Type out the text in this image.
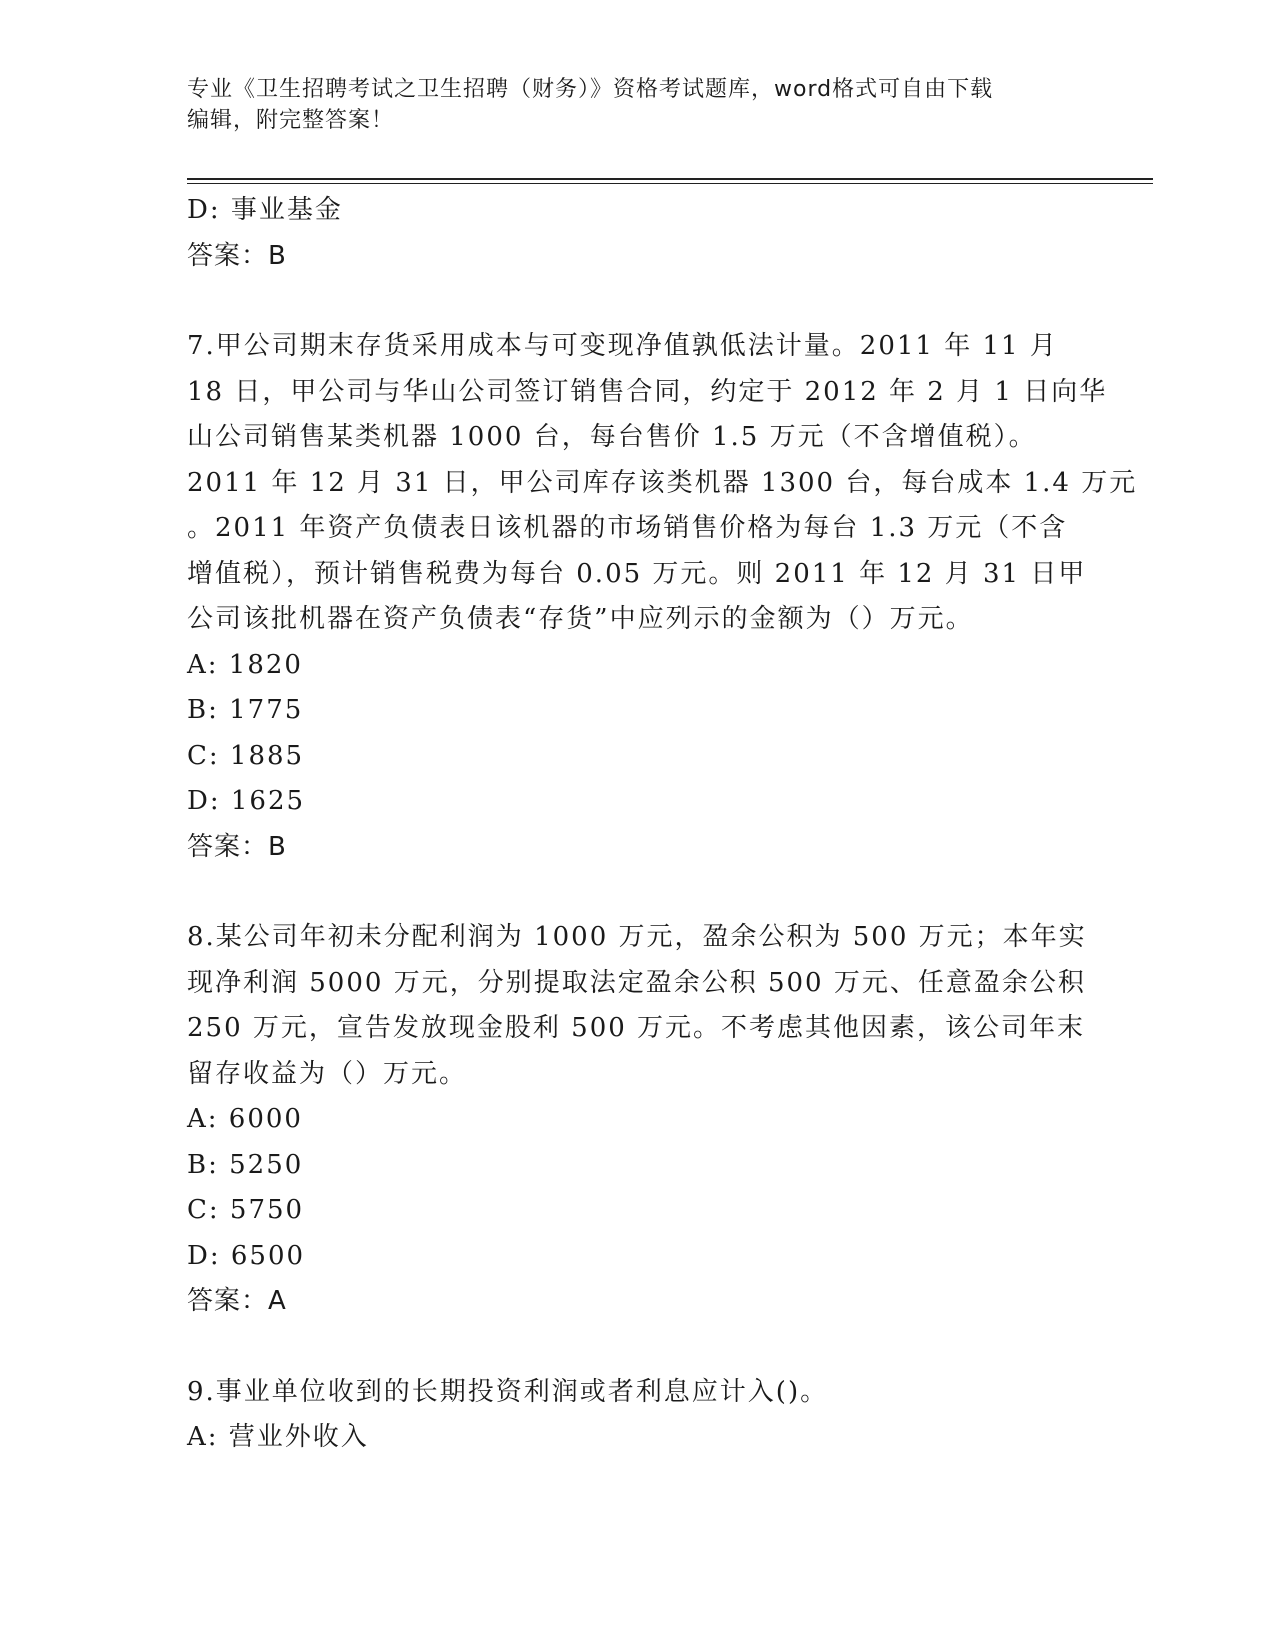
专业《卫生招聘考试之卫生招聘（财务）》资格考试题库，word格式可自由下载
编辑，附完整答案！
D: 事业基金
答案：B
7.甲公司期末存货采用成本与可变现净值孰低法计量。2011 年 11 月
18 日，甲公司与华山公司签订销售合同，约定于 2012 年 2 月 1 日向华
山公司销售某类机器 1000 台，每台售价 1.5 万元（不含增值税）。
2011 年 12 月 31 日，甲公司库存该类机器 1300 台，每台成本 1.4 万元
。2011 年资产负债表日该机器的市场销售价格为每台 1.3 万元（不含
增值税），预计销售税费为每台 0.05 万元。则 2011 年 12 月 31 日甲
公司该批机器在资产负债表“存货”中应列示的金额为（）万元。
A: 1820
B: 1775
C: 1885
D: 1625
答案：B
8.某公司年初未分配利润为 1000 万元，盈余公积为 500 万元；本年实
现净利润 5000 万元，分别提取法定盈余公积 500 万元、任意盈余公积
250 万元，宣告发放现金股利 500 万元。不考虑其他因素，该公司年末
留存收益为（）万元。
A: 6000
B: 5250
C: 5750
D: 6500
答案：A
9.事业单位收到的长期投资利润或者利息应计入()。
A: 营业外收入
